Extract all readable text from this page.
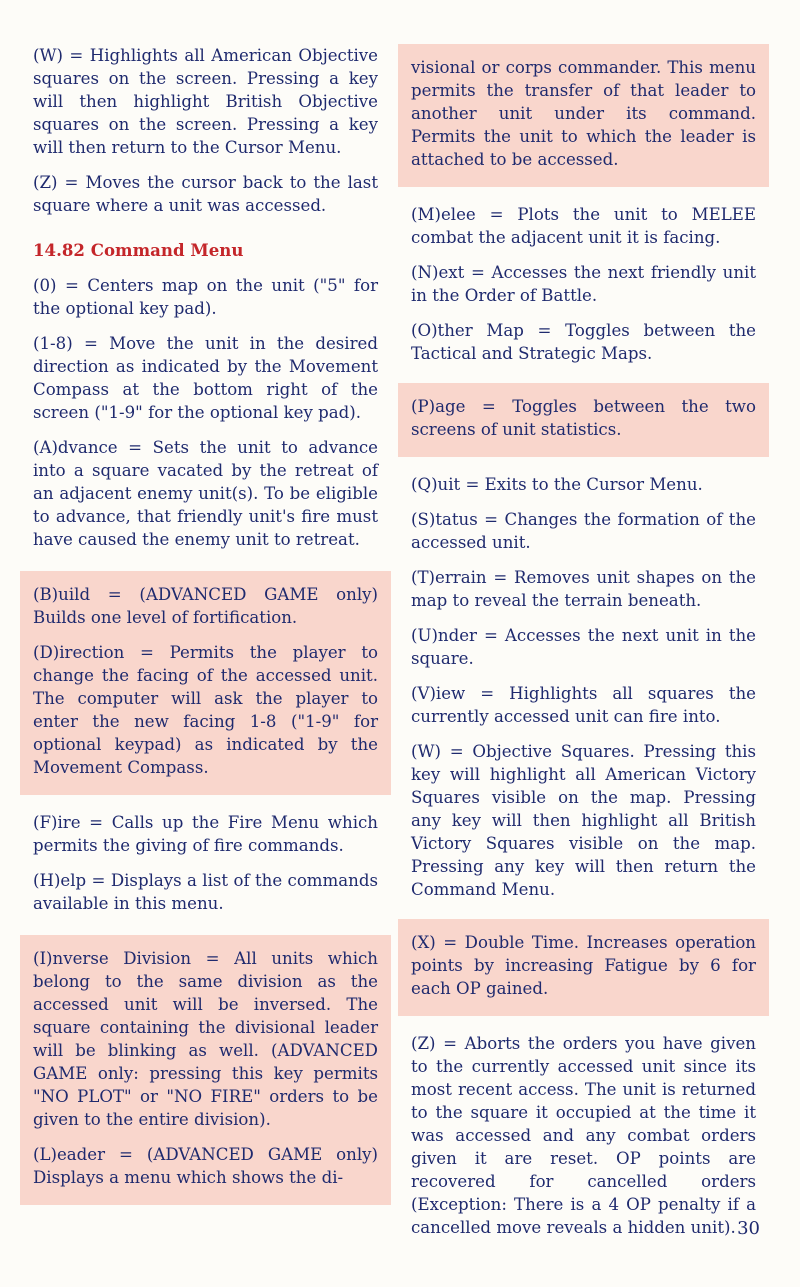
(W) = Highlights all American Objective squares on the screen. Pressing a key will then highlight British Objective squares on the screen. Pressing a key will then return to the Cursor Menu.

(Z) = Moves the cursor back to the last square where a unit was accessed.

14.82 Command Menu

(0) = Centers map on the unit ("5" for the optional key pad).

(1-8) = Move the unit in the desired direction as indicated by the Movement Compass at the bottom right of the screen ("1-9" for the optional key pad).

(A)dvance = Sets the unit to advance into a square vacated by the retreat of an adjacent enemy unit(s). To be eligible to advance, that friendly unit's fire must have caused the enemy unit to retreat.

(B)uild = (ADVANCED GAME only) Builds one level of fortification.

(D)irection = Permits the player to change the facing of the accessed unit. The computer will ask the player to enter the new facing 1-8 ("1-9" for optional keypad) as indicated by the Movement Compass.

(F)ire = Calls up the Fire Menu which permits the giving of fire commands.

(H)elp = Displays a list of the commands available in this menu.

(I)nverse Division = All units which belong to the same division as the accessed unit will be inversed. The square containing the divisional leader will be blinking as well. (ADVANCED GAME only: pressing this key permits "NO PLOT" or "NO FIRE" orders to be given to the entire division).

(L)eader = (ADVANCED GAME only) Displays a menu which shows the di-

visional or corps commander. This menu permits the transfer of that leader to another unit under its command. Permits the unit to which the leader is attached to be accessed.

(M)elee = Plots the unit to MELEE combat the adjacent unit it is facing.

(N)ext = Accesses the next friendly unit in the Order of Battle.

(O)ther Map = Toggles between the Tactical and Strategic Maps.

(P)age = Toggles between the two screens of unit statistics.

(Q)uit = Exits to the Cursor Menu.

(S)tatus = Changes the formation of the accessed unit.

(T)errain = Removes unit shapes on the map to reveal the terrain beneath.

(U)nder = Accesses the next unit in the square.

(V)iew = Highlights all squares the currently accessed unit can fire into.

(W) = Objective Squares. Pressing this key will highlight all American Victory Squares visible on the map. Pressing any key will then highlight all British Victory Squares visible on the map. Pressing any key will then return the Command Menu.

(X) = Double Time. Increases operation points by increasing Fatigue by 6 for each OP gained.

(Z) = Aborts the orders you have given to the currently accessed unit since its most recent access. The unit is returned to the square it occupied at the time it was accessed and any combat orders given it are reset. OP points are recovered for cancelled orders (Exception: There is a 4 OP penalty if a cancelled move reveals a hidden unit). 30
